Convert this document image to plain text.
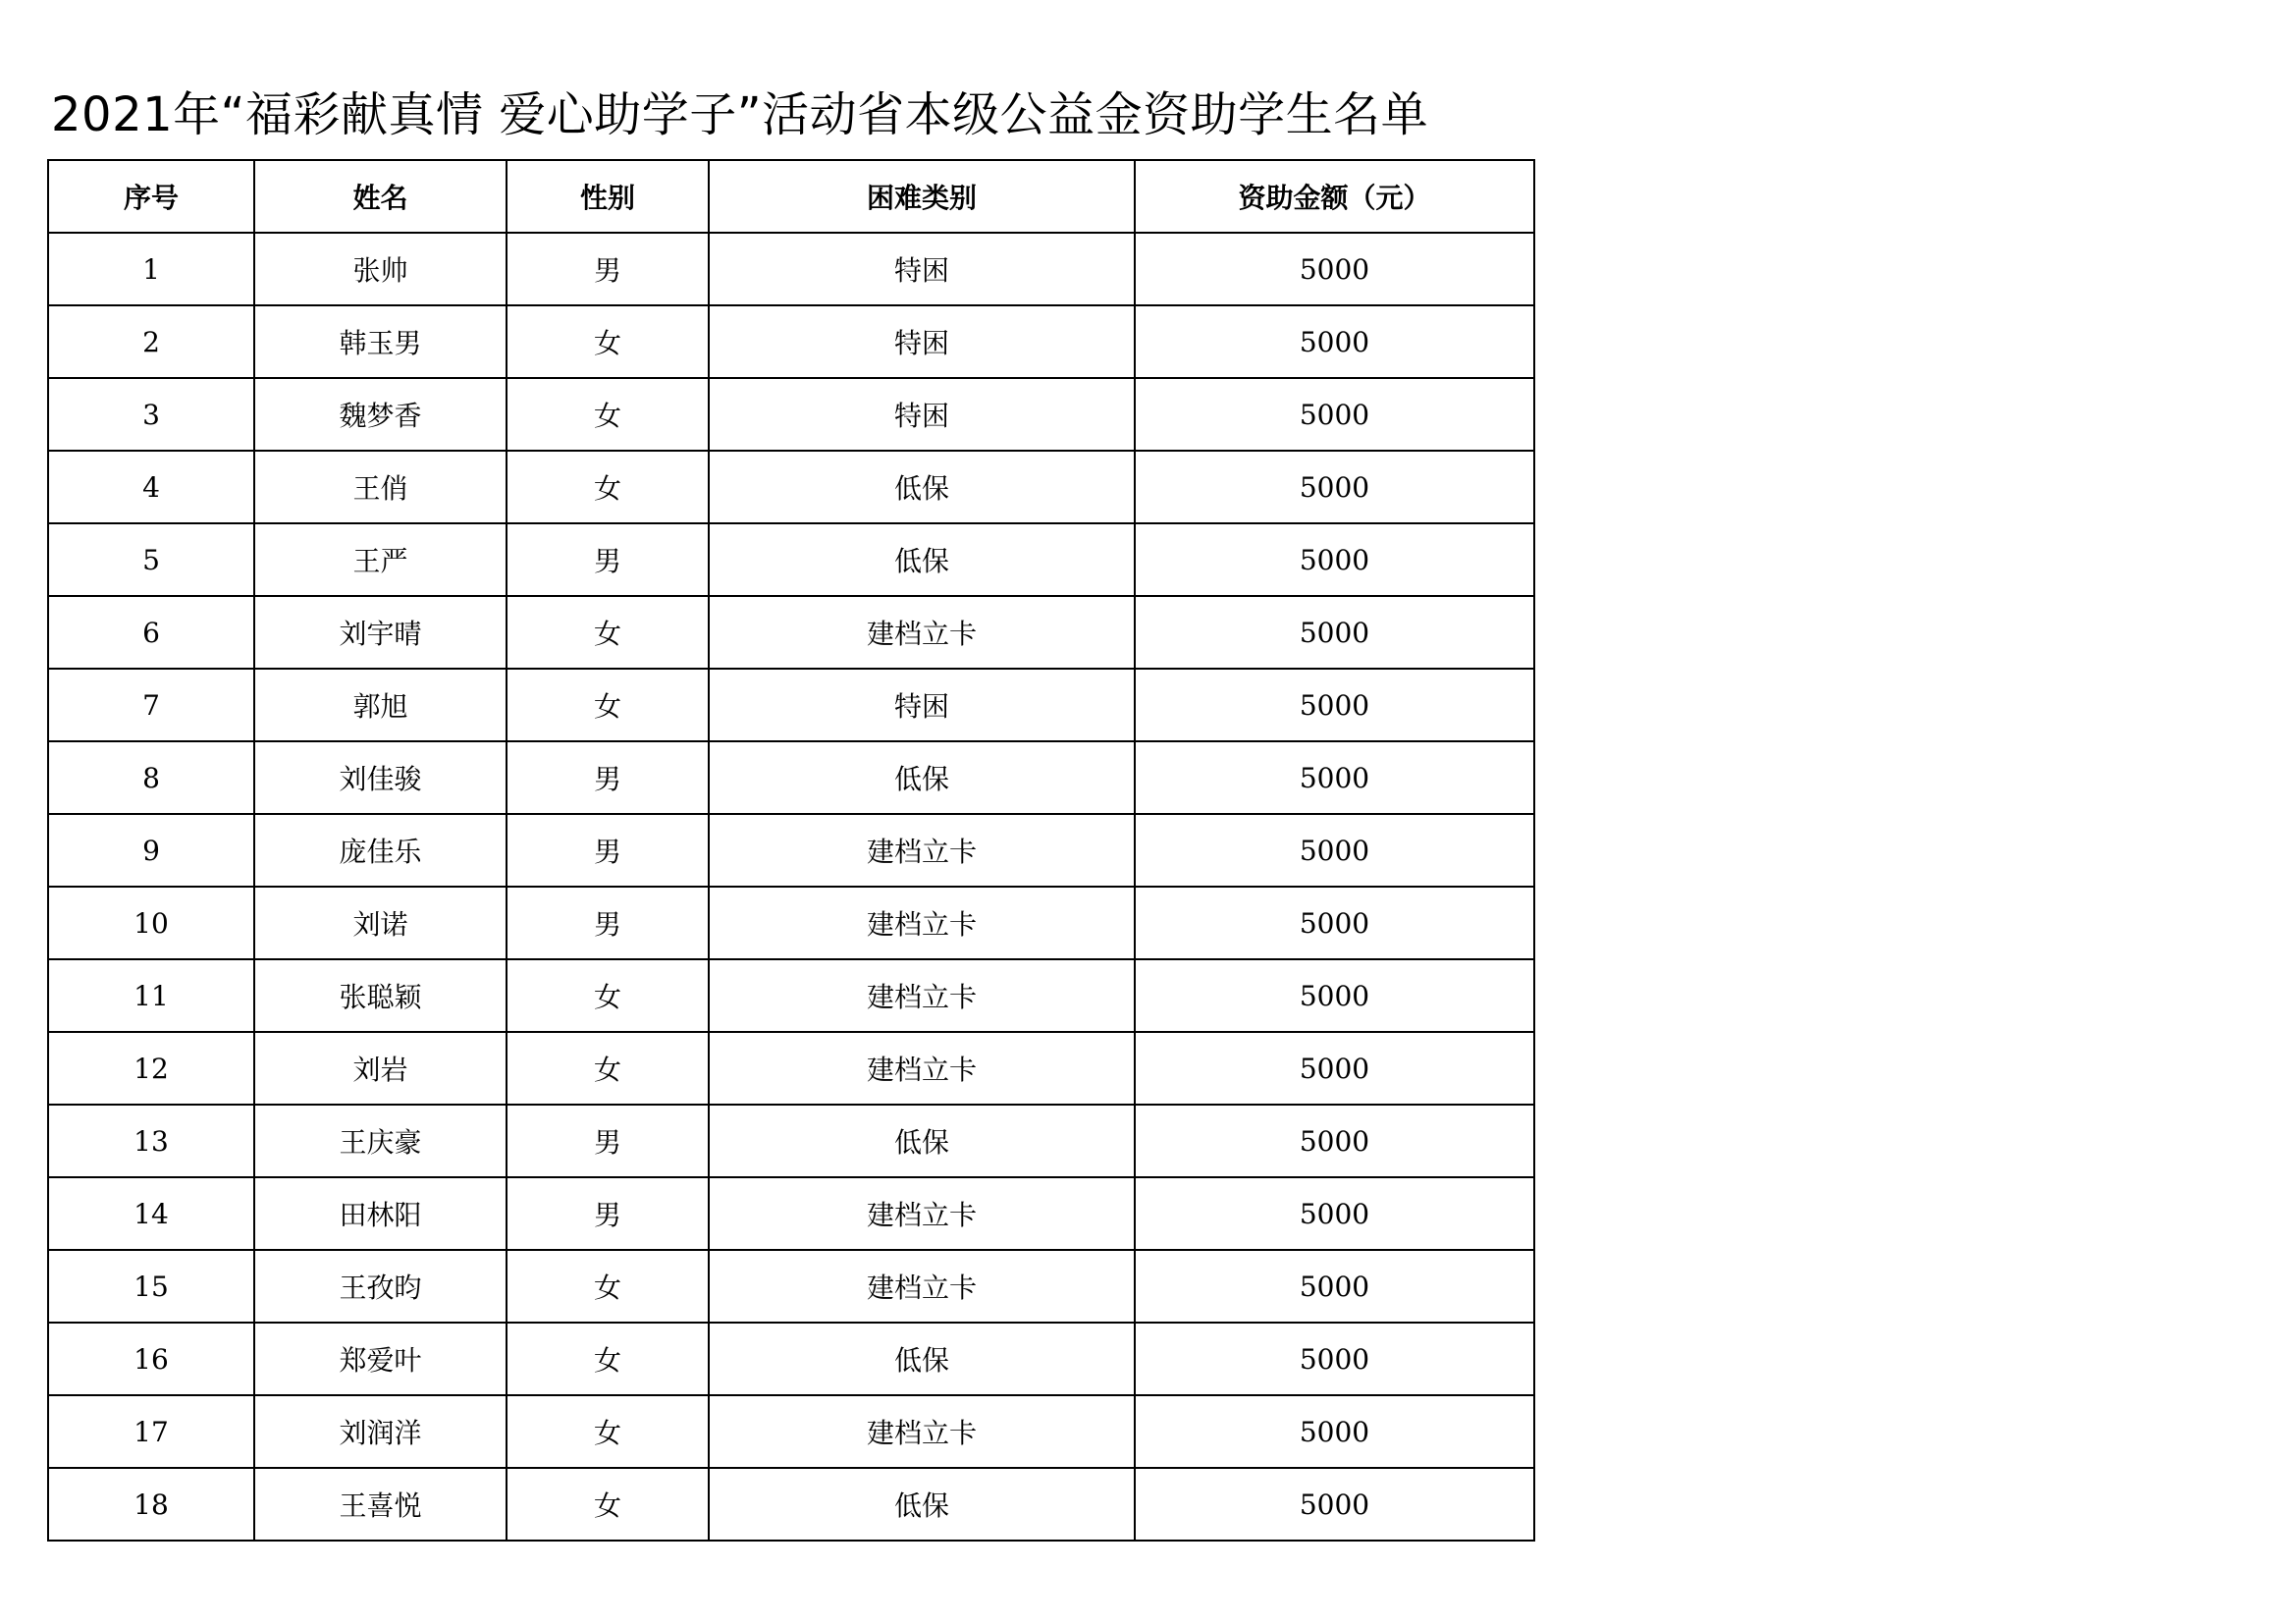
2021年“福彩献真情 爱心助学子”活动省本级公益金资助学生名单
序号	姓名	性别	困难类别	资助金额（元）
1	张帅	男	特困	5000
2	韩玉男	女	特困	5000
3	魏梦香	女	特困	5000
4	王俏	女	低保	5000
5	王严	男	低保	5000
6	刘宇晴	女	建档立卡	5000
7	郭旭	女	特困	5000
8	刘佳骏	男	低保	5000
9	庞佳乐	男	建档立卡	5000
10	刘诺	男	建档立卡	5000
11	张聪颖	女	建档立卡	5000
12	刘岩	女	建档立卡	5000
13	王庆豪	男	低保	5000
14	田林阳	男	建档立卡	5000
15	王孜昀	女	建档立卡	5000
16	郑爱叶	女	低保	5000
17	刘润洋	女	建档立卡	5000
18	王喜悦	女	低保	5000
